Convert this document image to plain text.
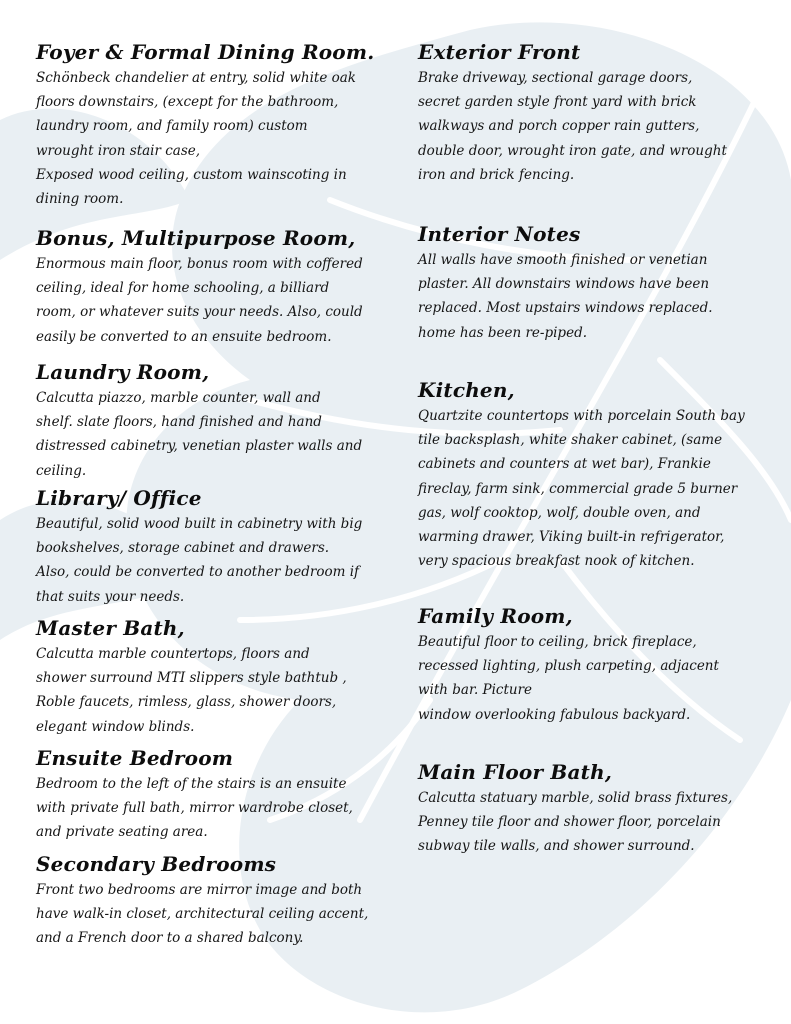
Foyer & Formal Dining Room.

Schönbeck chandelier at entry, solid white oak

floors downstairs, (except for the bathroom,

laundry room, and family room) custom

wrought iron stair case,

Exposed wood ceiling, custom wainscoting in

dining room.

Bonus, Multipurpose Room,

Enormous main floor, bonus room with coffered

ceiling, ideal for home schooling, a billiard

room, or whatever suits your needs. Also, could

easily be converted to an ensuite bedroom.

Laundry Room,

Calcutta piazzo, marble counter, wall and

shelf. slate floors, hand finished and hand

distressed cabinetry, venetian plaster walls and

ceiling.

Library/ Office

Beautiful, solid wood built in cabinetry with big

bookshelves, storage cabinet and drawers.

Also, could be converted to another bedroom if

that suits your needs.

Master Bath,

Calcutta marble countertops, floors and

shower surround MTI slippers style bathtub ,

Roble faucets, rimless, glass, shower doors,

elegant window blinds.

Ensuite Bedroom

Bedroom to the left of the stairs is an ensuite

with private full bath, mirror wardrobe closet,

and private seating area.

Secondary Bedrooms

Front two bedrooms are mirror image and both

have walk-in closet, architectural ceiling accent,

and a French door to a shared balcony.

Exterior Front

Brake driveway, sectional garage doors,

secret garden style front yard with brick

walkways and porch copper rain gutters,

double door, wrought iron gate, and wrought

iron and brick fencing.

Interior Notes

All walls have smooth finished or venetian

plaster. All downstairs windows have been

replaced. Most upstairs windows replaced.

home has been re-piped.

Kitchen,

Quartzite countertops with porcelain South bay

tile backsplash, white shaker cabinet, (same

cabinets and counters at wet bar), Frankie

fireclay, farm sink, commercial grade 5 burner

gas, wolf cooktop, wolf, double oven, and

warming drawer, Viking built-in refrigerator,

very spacious breakfast nook of kitchen.

Family Room,

Beautiful floor to ceiling, brick fireplace,

recessed lighting, plush carpeting, adjacent

with bar. Picture

window overlooking fabulous backyard.

Main Floor Bath,

Calcutta statuary marble, solid brass fixtures,

Penney tile floor and shower floor, porcelain

subway tile walls, and shower surround.
